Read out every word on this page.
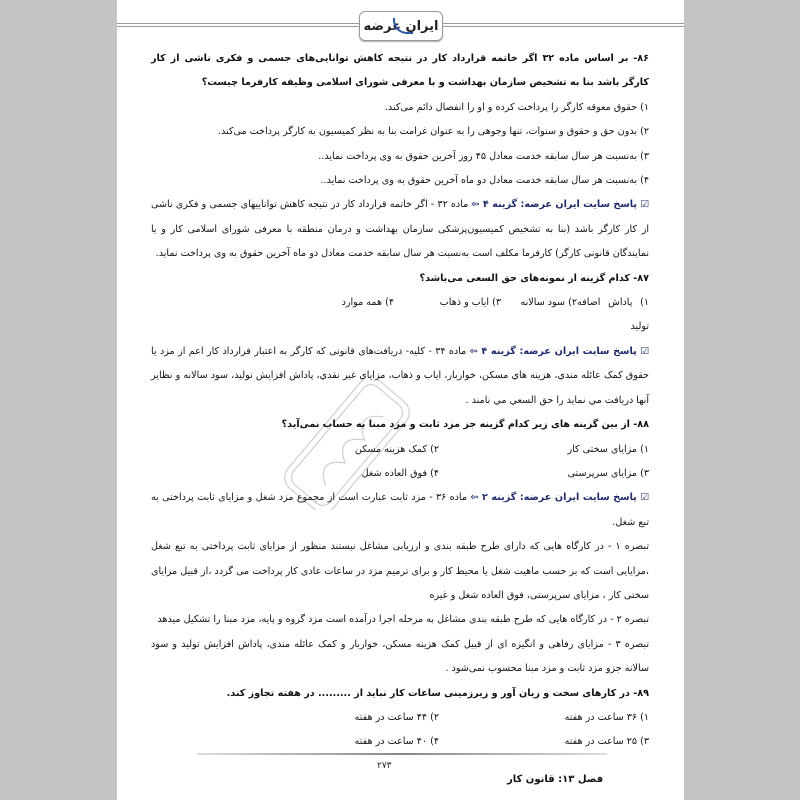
ایران عرضه

۸۶- بر اساس ماده ۳۲ اگر خاتمه قرارداد کار در نتیجه کاهش توانایی‌های جسمی و فکری ناشی از کار کارگر باشد بنا به تشخیص سازمان بهداشت و با معرفی شورای اسلامی وظیفه کارفرما چیست؟

۱) حقوق معوقه کارگر را پرداخت کرده و او را انفصال دائم می‌کند.

۲) بدون حق و حقوق و سنوات، تنها وجوهی را به عنوان غرامت بنا به نظر کمیسیون به کارگر پرداخت می‌کند.

۳) به‌نسبت هر سال سابقه خدمت معادل ۴۵ روز آخرین حقوق به وی پرداخت نماید..

۴) به‌نسبت هر سال سابقه خدمت معادل دو ماه آخرین حقوق به وی پرداخت نماید..

☑ پاسخ سایت ایران عرضه: گزینه ۴ ⇦ ماده ۳۲ - اگر خاتمه قرارداد کار در نتیجه کاهش تواناییهای جسمی و فکری ناشی از کار کارگر باشد (بنا به تشخیص کمیسیون‌پزشکی سازمان بهداشت و درمان منطقه با معرفی شورای اسلامی کار و یا نمایندگان قانونی کارگر) کارفرما مکلف است به‌نسبت هر سال سابقه خدمت معادل دو ماه آخرین حقوق به وی پرداخت نماید.

۸۷- کدام گزینه از نمونه‌های حق السعی می‌باشد؟

۱) پاداش اضافه تولید
۲) سود سالانه
۳) ایاب و ذهاب
۴) همه موارد

☑ پاسخ سایت ایران عرضه: گزینه ۴ ⇦ ماده ۳۴ - کلیه- دریافت‌های قانونی که کارگر به اعتبار قرارداد کار اعم از مزد یا حقوق کمک عائله مندي، هزينه هاي مسكن، خواربار، اياب و ذهاب، مزاياي غير نقدي، پاداش افزايش توليد، سود سالانه و نظاير آنها دريافت مي نمايد را حق السعي مي نامند .

۸۸- از بین گزینه های زیر کدام گزینه جز مزد ثابت و مزد مبنا به حساب نمی‌آید؟

۱) مزایای سختی کار
۲) کمک هزینه مسکن
۳) مزایای سرپرستی
۴) فوق العاده شغل

☑ پاسخ سایت ایران عرضه: گزینه ۲ ⇦ ماده ۳۶ - مزد ثابت عبارت است از مجموع مزد شغل و مزایای ثابت پرداختی به تبع شغل.

تبصره ۱ - در کارگاه هایی که دارای طرح طبقه بندی و ارزیابی مشاغل نیستند منظور از مزایای ثابت پرداختی به تبع شغل ،مزایایی است که بر حسب ماهیت شغل یا محیط کار و برای ترمیم مزد در ساعات عادی کار پرداخت می گردد ،از قبیل مزایای سختی کار ، مزایای سرپرستی، فوق العاده شغل و غیره

تبصره ۲ - در کارگاه هایی که طرح طبقه بندی مشاغل به مرحله اجرا درآمده است مزد گروه و پایه، مزد مبنا را تشکیل میدهد

تبصره ۳ - مزایای رفاهی و انگیزه ای از قبیل کمک هزینه مسکن، خواربار و کمک عائله مندی، پاداش افزایش تولید و سود سالانه جزو مزد ثابت و مزد مبنا محسوب نمی‌شود .

۸۹- در کارهای سخت و زیان آور و زیرزمینی ساعات کار نباید از ......... در هفته تجاوز کند.

۱) ۳۶ ساعت در هفته
۲) ۴۴ ساعت در هفته
۳) ۲۵ ساعت در هفته
۴) ۴۰ ساعت در هفته
۲۷۳
فصل ۱۳: قانون کار
